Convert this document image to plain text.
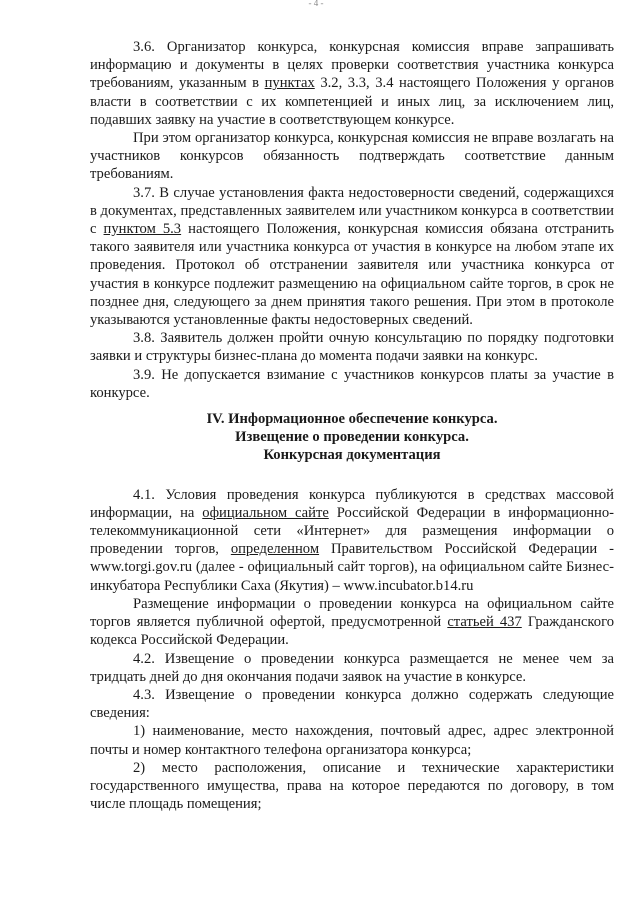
- 4 -

3.6. Организатор конкурса, конкурсная комиссия вправе запрашивать информацию и документы в целях проверки соответствия участника конкурса требованиям, указанным в пунктах 3.2, 3.3, 3.4 настоящего Положения у органов власти в соответствии с их компетенцией и иных лиц, за исключением лиц, подавших заявку на участие в соответствующем конкурсе.

При этом организатор конкурса, конкурсная комиссия не вправе возлагать на участников конкурсов обязанность подтверждать соответствие данным требованиям.

3.7. В случае установления факта недостоверности сведений, содержащихся в документах, представленных заявителем или участником конкурса в соответствии с пунктом 5.3 настоящего Положения, конкурсная комиссия обязана отстранить такого заявителя или участника конкурса от участия в конкурсе на любом этапе их проведения. Протокол об отстранении заявителя или участника конкурса от участия в конкурсе подлежит размещению на официальном сайте торгов, в срок не позднее дня, следующего за днем принятия такого решения. При этом в протоколе указываются установленные факты недостоверных сведений.

3.8. Заявитель должен пройти очную консультацию по порядку подготовки заявки и структуры бизнес-плана до момента подачи заявки на конкурс.

3.9. Не допускается взимание с участников конкурсов платы за участие в конкурсе.

IV. Информационное обеспечение конкурса.

Извещение о проведении конкурса.

Конкурсная документация

4.1. Условия проведения конкурса публикуются в средствах массовой информации, на официальном сайте Российской Федерации в информационно-телекоммуникационной сети «Интернет» для размещения информации о проведении торгов, определенном Правительством Российской Федерации - www.torgi.gov.ru (далее - официальный сайт торгов), на официальном сайте Бизнес-инкубатора Республики Саха (Якутия) – www.incubator.b14.ru

Размещение информации о проведении конкурса на официальном сайте торгов является публичной офертой, предусмотренной статьей 437 Гражданского кодекса Российской Федерации.

4.2. Извещение о проведении конкурса размещается не менее чем за тридцать дней до дня окончания подачи заявок на участие в конкурсе.

4.3. Извещение о проведении конкурса должно содержать следующие сведения:

1) наименование, место нахождения, почтовый адрес, адрес электронной почты и номер контактного телефона организатора конкурса;

2) место расположения, описание и технические характеристики государственного имущества, права на которое передаются по договору, в том числе площадь помещения;
